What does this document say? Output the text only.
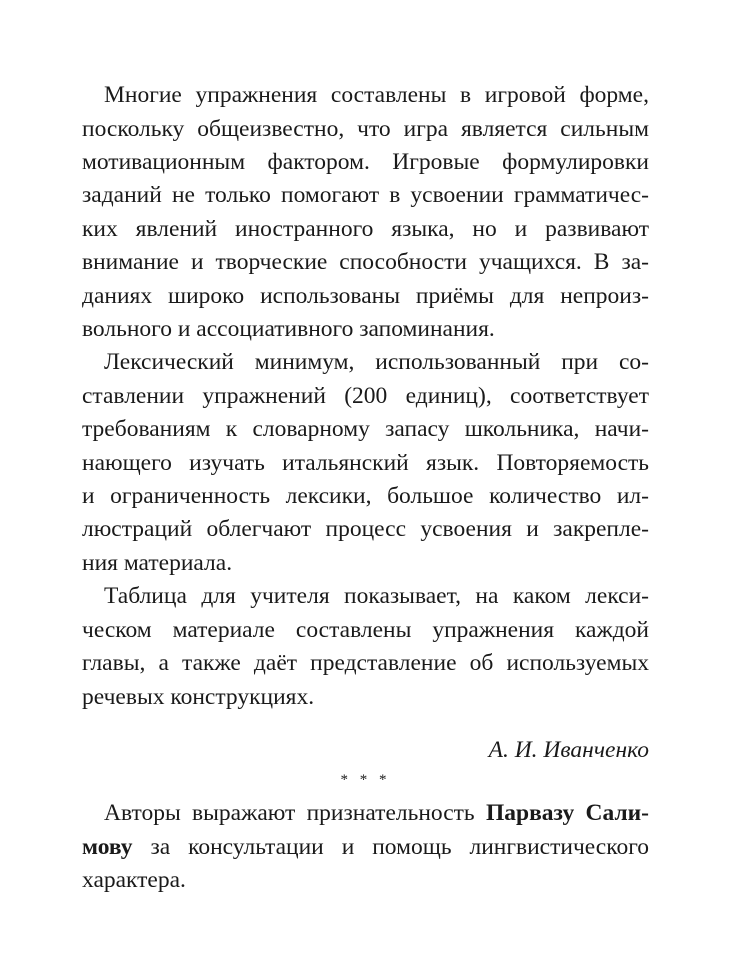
Многие упражнения составлены в игровой форме,
поскольку общеизвестно, что игра является сильным
мотивационным фактором. Игровые формулировки
заданий не только помогают в усвоении грамматичес-
ких явлений иностранного языка, но и развивают
внимание и творческие способности учащихся. В за-
даниях широко использованы приёмы для непроиз-
вольного и ассоциативного запоминания.
Лексический минимум, использованный при со-
ставлении упражнений (200 единиц), соответствует
требованиям к словарному запасу школьника, начи-
нающего изучать итальянский язык. Повторяемость
и ограниченность лексики, большое количество ил-
люстраций облегчают процесс усвоения и закрепле-
ния материала.
Таблица для учителя показывает, на каком лекси-
ческом материале составлены упражнения каждой
главы, а также даёт представление об используемых
речевых конструкциях.
А. И. Иванченко
* * *
Авторы выражают признательность Парвазу Сали-
мову за консультации и помощь лингвистического
характера.
